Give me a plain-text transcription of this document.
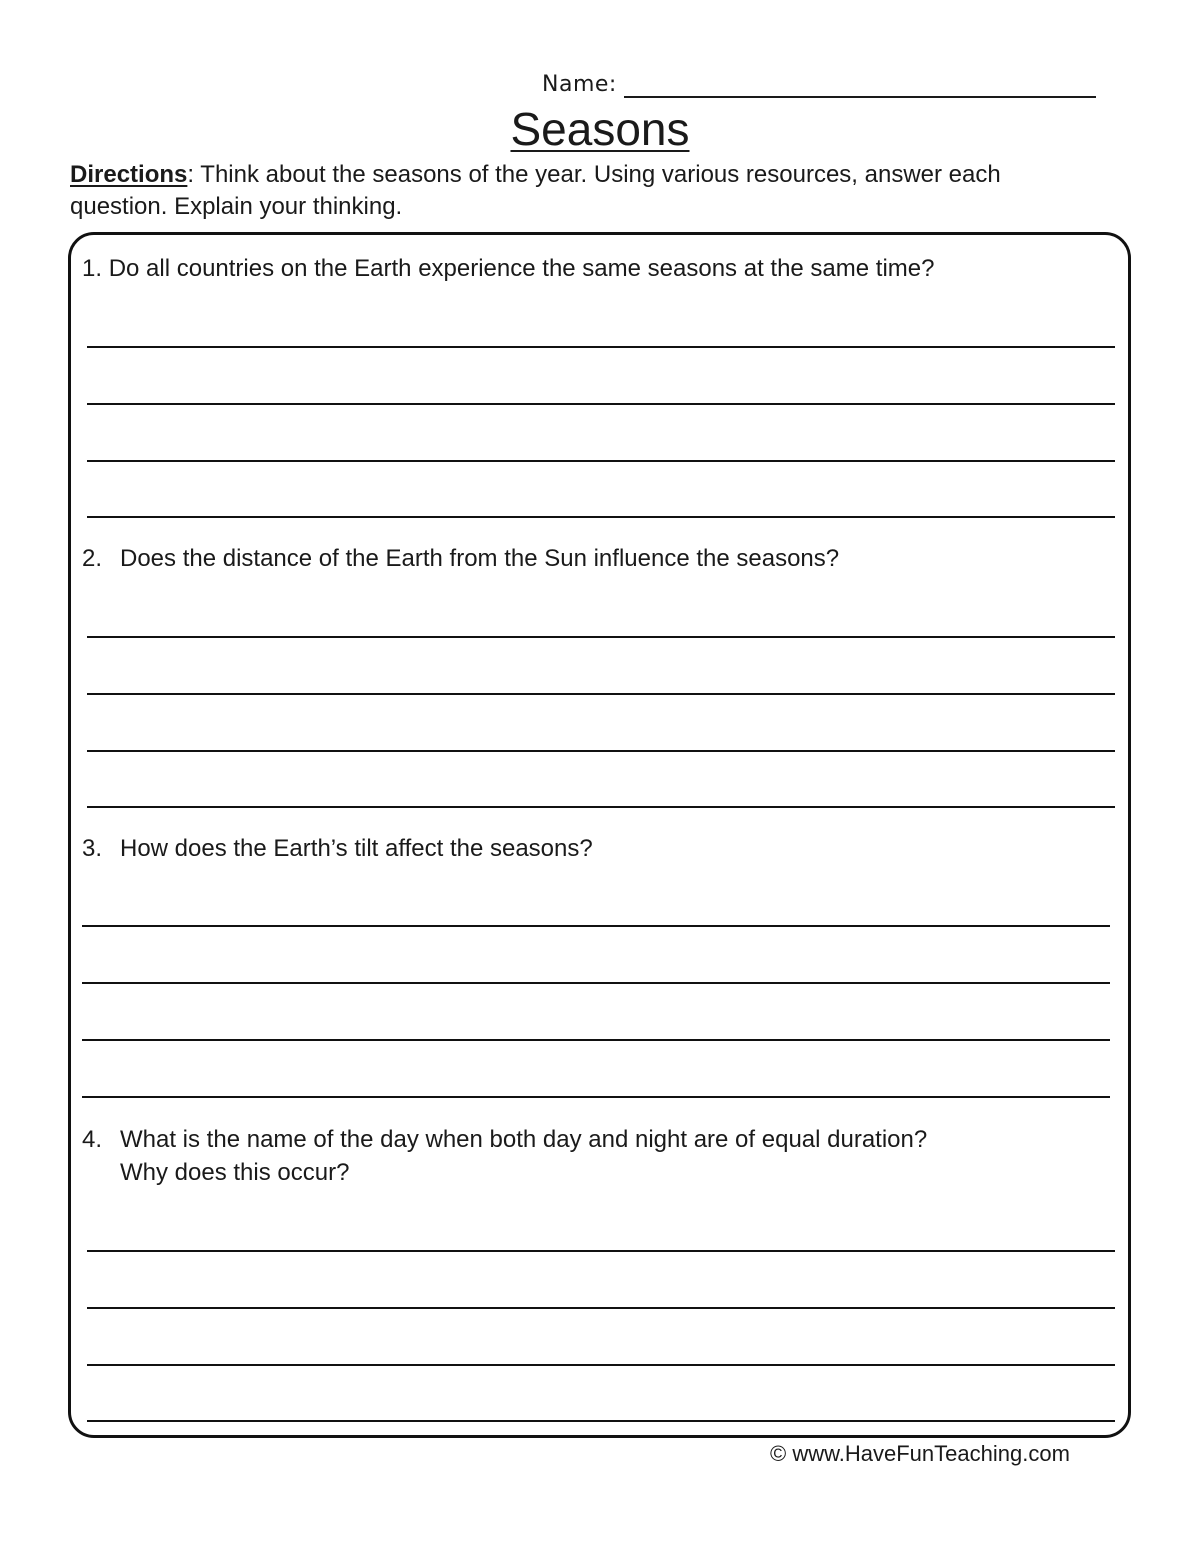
Name:
Seasons
Directions: Think about the seasons of the year. Using various resources, answer each question. Explain your thinking.
1. Do all countries on the Earth experience the same seasons at the same time?
2. Does the distance of the Earth from the Sun influence the seasons?
3. How does the Earth’s tilt affect the seasons?
4. What is the name of the day when both day and night are of equal duration?
Why does this occur?
© www.HaveFunTeaching.com
